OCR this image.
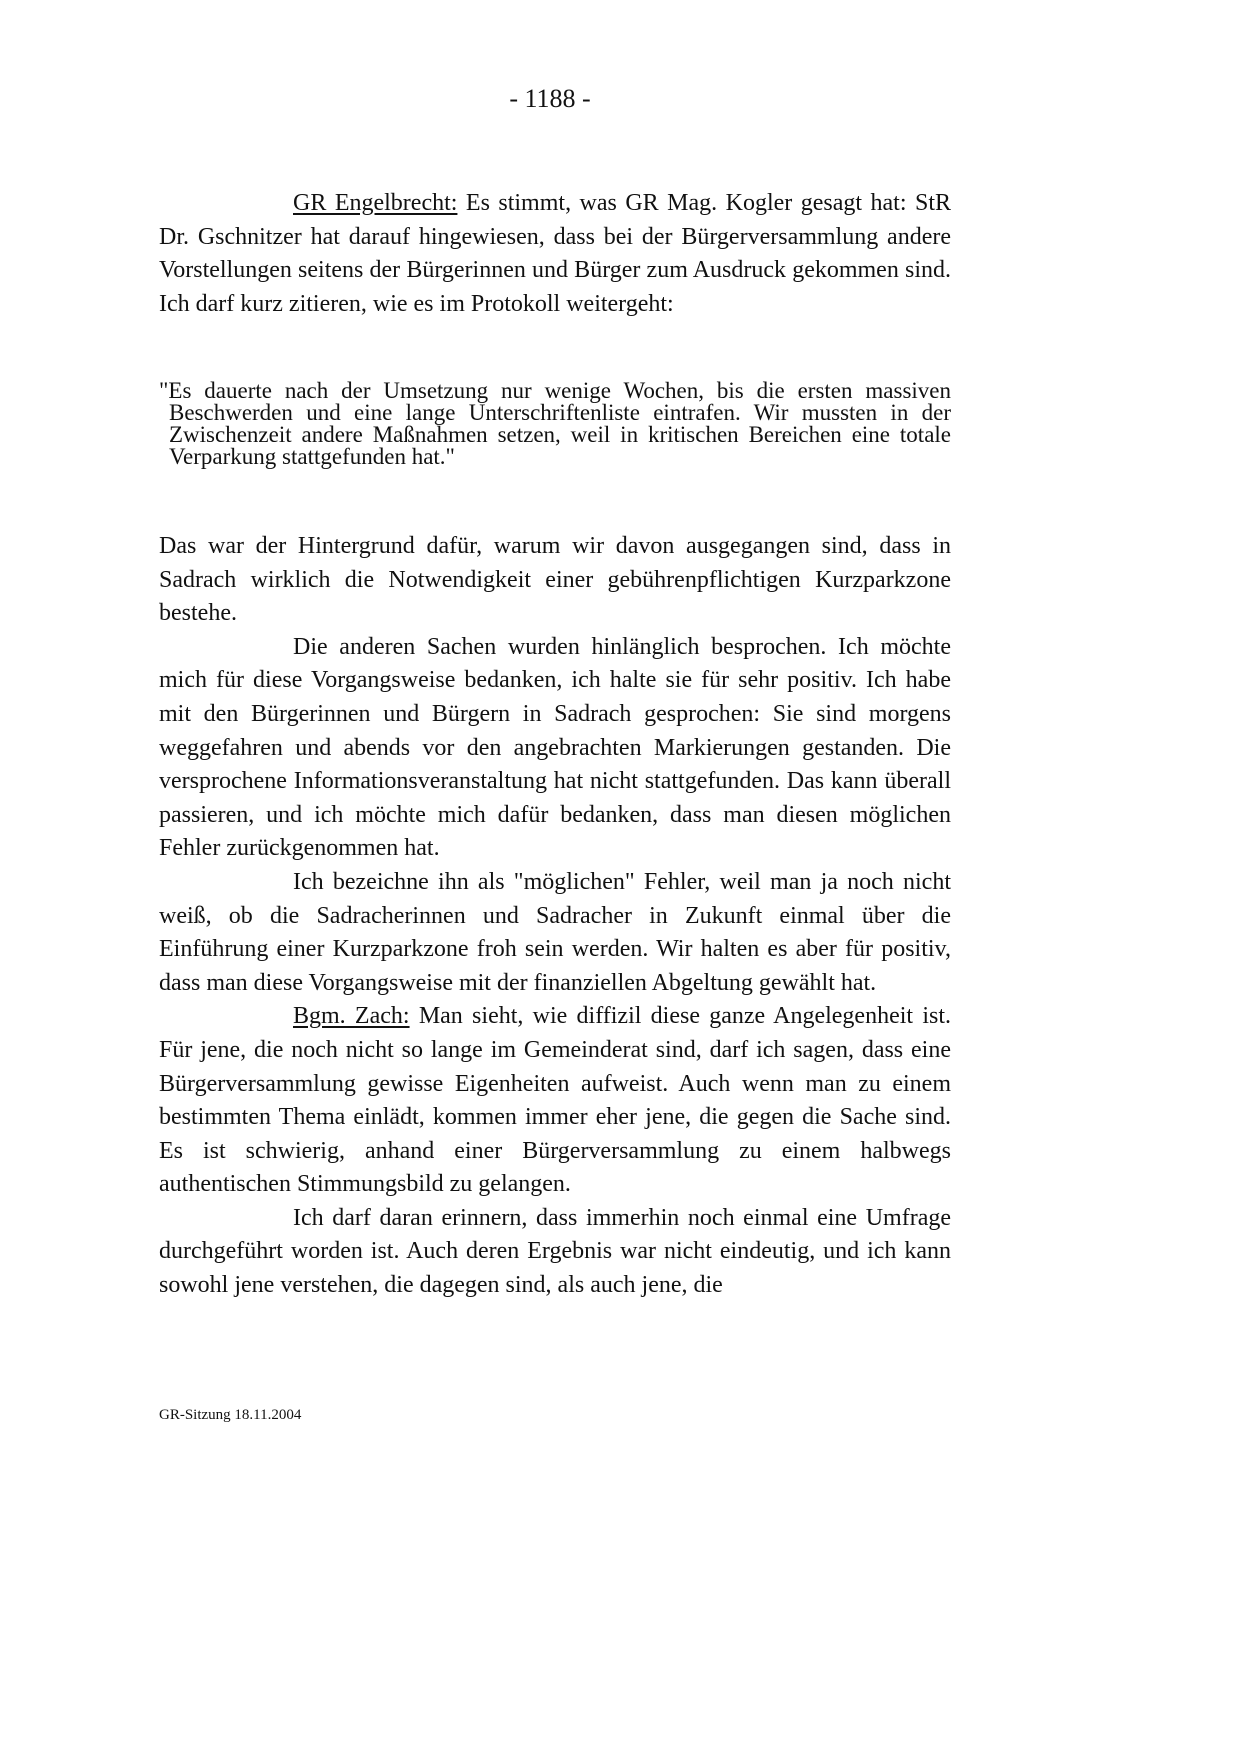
- 1188 -

GR Engelbrecht: Es stimmt, was GR Mag. Kogler gesagt hat: StR Dr. Gschnitzer hat darauf hingewiesen, dass bei der Bürgerversammlung andere Vorstellungen seitens der Bürgerinnen und Bürger zum Ausdruck gekommen sind. Ich darf kurz zitieren, wie es im Protokoll weitergeht:

"Es dauerte nach der Umsetzung nur wenige Wochen, bis die ersten massiven Beschwerden und eine lange Unterschriftenliste eintrafen. Wir mussten in der Zwischenzeit andere Maßnahmen setzen, weil in kritischen Bereichen eine totale Verparkung stattgefunden hat."

Das war der Hintergrund dafür, warum wir davon ausgegangen sind, dass in Sadrach wirklich die Notwendigkeit einer gebührenpflichtigen Kurzparkzone bestehe.

Die anderen Sachen wurden hinlänglich besprochen. Ich möchte mich für diese Vorgangsweise bedanken, ich halte sie für sehr positiv. Ich habe mit den Bürgerinnen und Bürgern in Sadrach gesprochen: Sie sind morgens weggefahren und abends vor den angebrachten Markierungen gestanden. Die versprochene Informationsveranstaltung hat nicht stattgefunden. Das kann überall passieren, und ich möchte mich dafür bedanken, dass man diesen möglichen Fehler zurückgenommen hat.

Ich bezeichne ihn als "möglichen" Fehler, weil man ja noch nicht weiß, ob die Sadracherinnen und Sadracher in Zukunft einmal über die Einführung einer Kurzparkzone froh sein werden. Wir halten es aber für positiv, dass man diese Vorgangsweise mit der finanziellen Abgeltung gewählt hat.

Bgm. Zach: Man sieht, wie diffizil diese ganze Angelegenheit ist. Für jene, die noch nicht so lange im Gemeinderat sind, darf ich sagen, dass eine Bürgerversammlung gewisse Eigenheiten aufweist. Auch wenn man zu einem bestimmten Thema einlädt, kommen immer eher jene, die gegen die Sache sind. Es ist schwierig, anhand einer Bürgerversammlung zu einem halbwegs authentischen Stimmungsbild zu gelangen.

Ich darf daran erinnern, dass immerhin noch einmal eine Umfrage durchgeführt worden ist. Auch deren Ergebnis war nicht eindeutig, und ich kann sowohl jene verstehen, die dagegen sind, als auch jene, die

GR-Sitzung 18.11.2004
